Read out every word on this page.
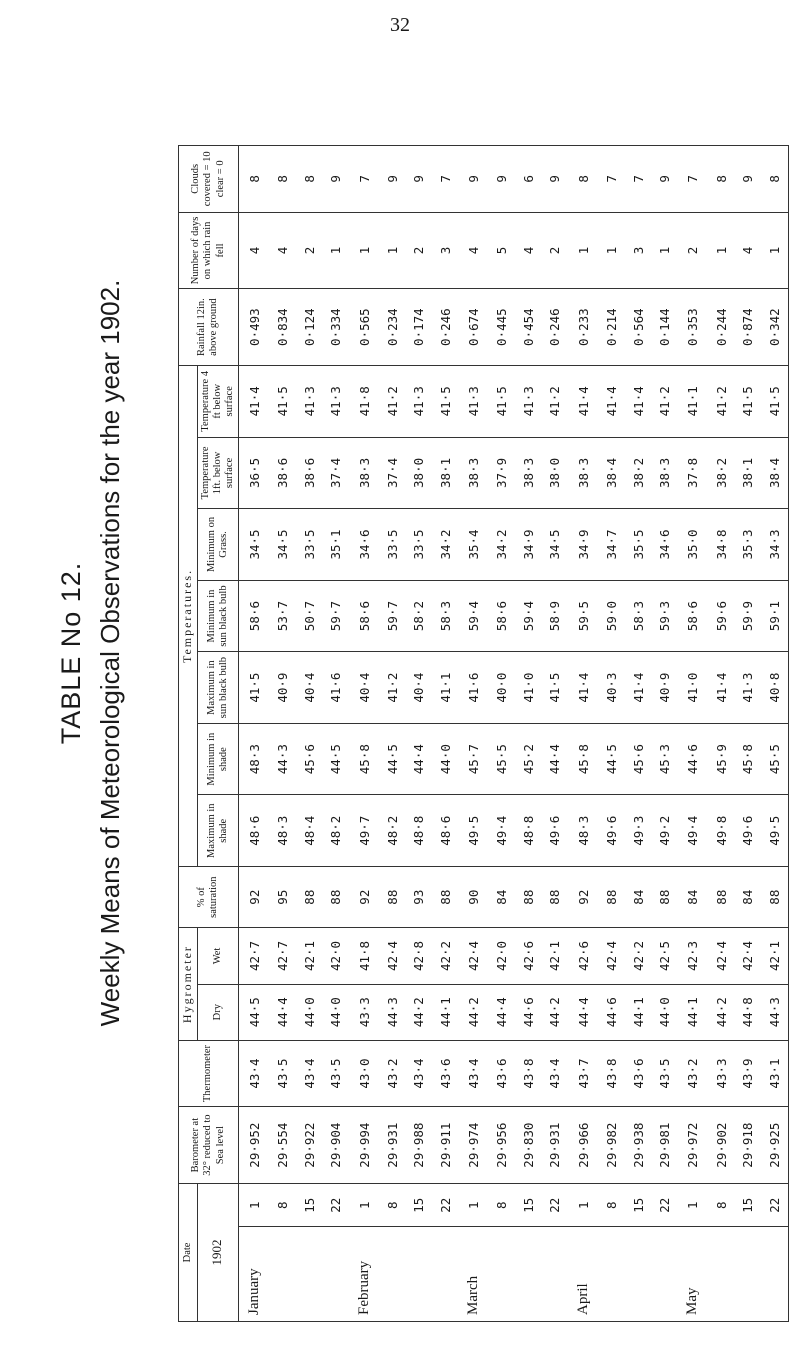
32
TABLE No 12. Weekly Means of Meteorological Observations for the year 1902.
Date		Barometer at 32° reduced to Sea level	Thermometer	Hygrometer		% of saturation	Temperatures.							Rainfall 12in. above ground	Number of days on which rain fell	Clouds covered = 10 clear = 0
1902				Dry	Wet		Maximum in shade	Minimum in shade	Maximum in sun black bulb	Minimum in sun black bulb	Minimum on Grass.	Temperature 1ft. below surface	Temperature 4 ft below surface			
January	1	29·952	43·4	44·5	42·7	92	48·6	48·3	41·5	58·6	34·5	36·5	41·4	0·493	4	8
	8	29·554	43·5	44·4	42·7	95	48·3	44·3	40·9	53·7	34·5	38·6	41·5	0·834	4	8
	15	29·922	43·4	44·0	42·1	88	48·4	45·6	40·4	50·7	33·5	38·6	41·3	0·124	2	8
	22	29·904	43·5	44·0	42·0	88	48·2	44·5	41·6	59·7	35·1	37·4	41·3	0·334	1	9
February	1	29·994	43·0	43·3	41·8	92	49·7	45·8	40·4	58·6	34·6	38·3	41·8	0·565	1	7
	8	29·931	43·2	44·3	42·4	88	48·2	44·5	41·2	59·7	33·5	37·4	41·2	0·234	1	9
	15	29·988	43·4	44·2	42·8	93	48·8	44·4	40·4	58·2	33·5	38·0	41·3	0·174	2	9
	22	29·911	43·6	44·1	42·2	88	48·6	44·0	41·1	58·3	34·2	38·1	41·5	0·246	3	7
March	1	29·974	43·4	44·2	42·4	90	49·5	45·7	41·6	59·4	35·4	38·3	41·3	0·674	4	9
	8	29·956	43·6	44·4	42·0	84	49·4	45·5	40·0	58·6	34·2	37·9	41·5	0·445	5	9
	15	29·830	43·8	44·6	42·6	88	48·8	45·2	41·0	59·4	34·9	38·3	41·3	0·454	4	6
	22	29·931	43·4	44·2	42·1	88	49·6	44·4	41·5	58·9	34·5	38·0	41·2	0·246	2	9
April	1	29·966	43·7	44·4	42·6	92	48·3	45·8	41·4	59·5	34·9	38·3	41·4	0·233	1	8
	8	29·982	43·8	44·6	42·4	88	49·6	44·5	40·3	59·0	34·7	38·4	41·4	0·214	1	7
	15	29·938	43·6	44·1	42·2	84	49·3	45·6	41·4	58·3	35·5	38·2	41·4	0·564	3	7
	22	29·981	43·5	44·0	42·5	88	49·2	45·3	40·9	59·3	34·6	38·3	41·2	0·144	1	9
May	1	29·972	43·2	44·1	42·3	84	49·4	44·6	41·0	58·6	35·0	37·8	41·1	0·353	2	7
	8	29·902	43·3	44·2	42·4	88	49·8	45·9	41·4	59·6	34·8	38·2	41·2	0·244	1	8
	15	29·918	43·9	44·8	42·4	84	49·6	45·8	41·3	59·9	35·3	38·1	41·5	0·874	4	9
	22	29·925	43·1	44·3	42·1	88	49·5	45·5	40·8	59·1	34·3	38·4	41·5	0·342	1	8
